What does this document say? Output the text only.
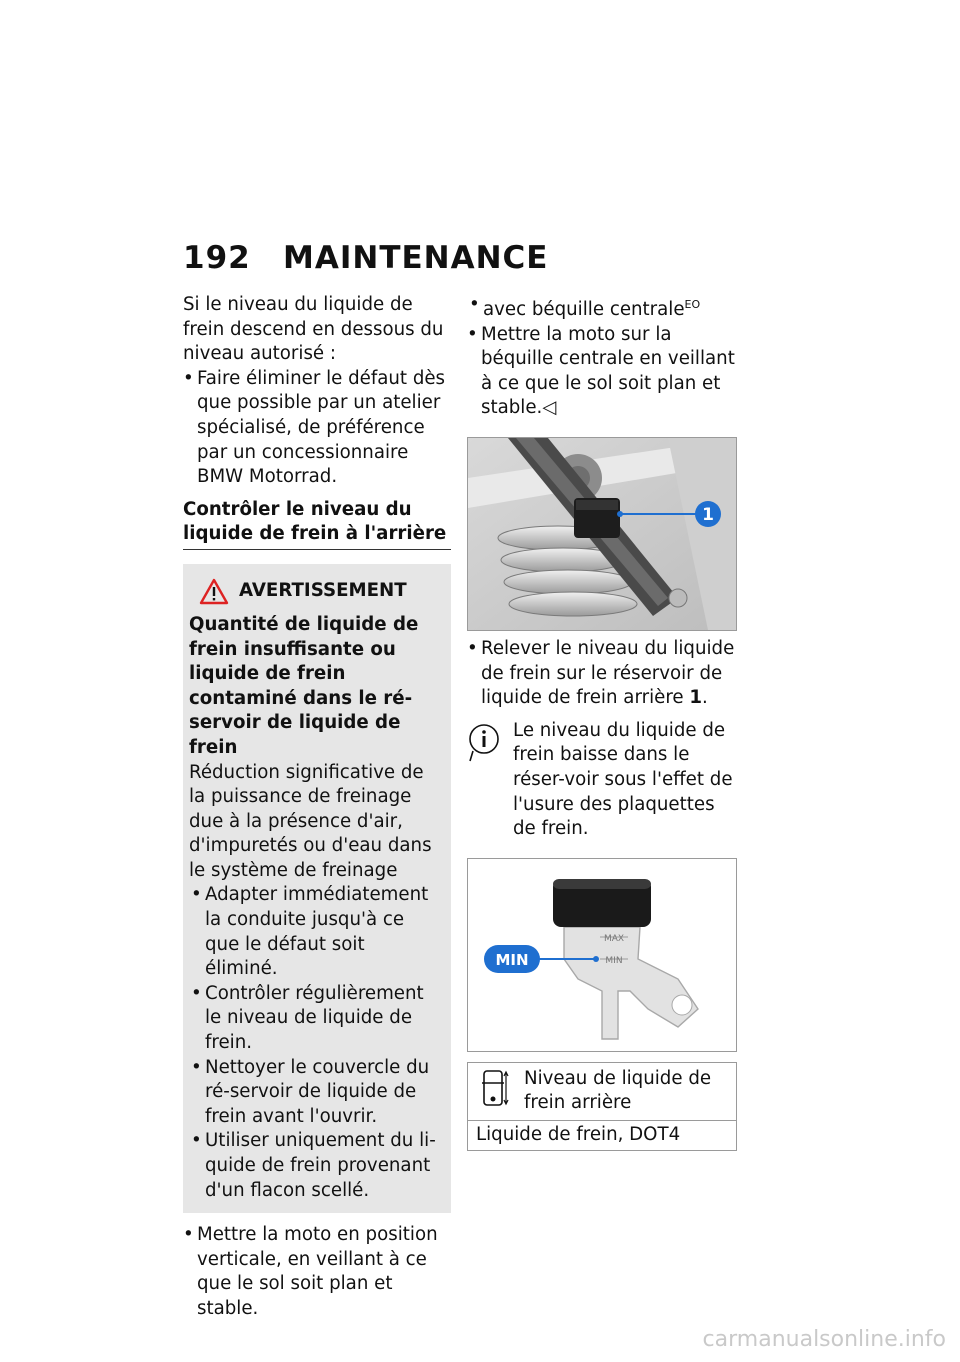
192 MAINTENANCE

Si le niveau du liquide de frein descend en dessous du niveau autorisé :

• Faire éliminer le défaut dès que possible par un atelier spécialisé, de préférence par un concessionnaire BMW Motorrad.

Contrôler le niveau du liquide de frein à l'arrière

AVERTISSEMENT

Quantité de liquide de frein insuffisante ou liquide de frein contaminé dans le ré-servoir de liquide de frein

Réduction significative de la puissance de freinage due à la présence d'air, d'impuretés ou d'eau dans le système de freinage

• Adapter immédiatement la conduite jusqu'à ce que le défaut soit éliminé.

• Contrôler régulièrement le niveau de liquide de frein.

• Nettoyer le couvercle du ré-servoir de liquide de frein avant l'ouvrir.

• Utiliser uniquement du li-quide de frein provenant d'un flacon scellé.

• Mettre la moto en position verticale, en veillant à ce que le sol soit plan et stable.

• avec béquille centrale$^{EO}$

• Mettre la moto sur la béquille centrale en veillant à ce que le sol soit plan et stable.◁

1

• Relever le niveau du liquide de frein sur le réservoir de liquide de frein arrière 1.

Le niveau du liquide de frein baisse dans le réser-voir sous l'effet de l'usure des plaquettes de frein.

MAX
MIN
MIN

Niveau de liquide de frein arrière

Liquide de frein, DOT4

carmanualsonline.info
